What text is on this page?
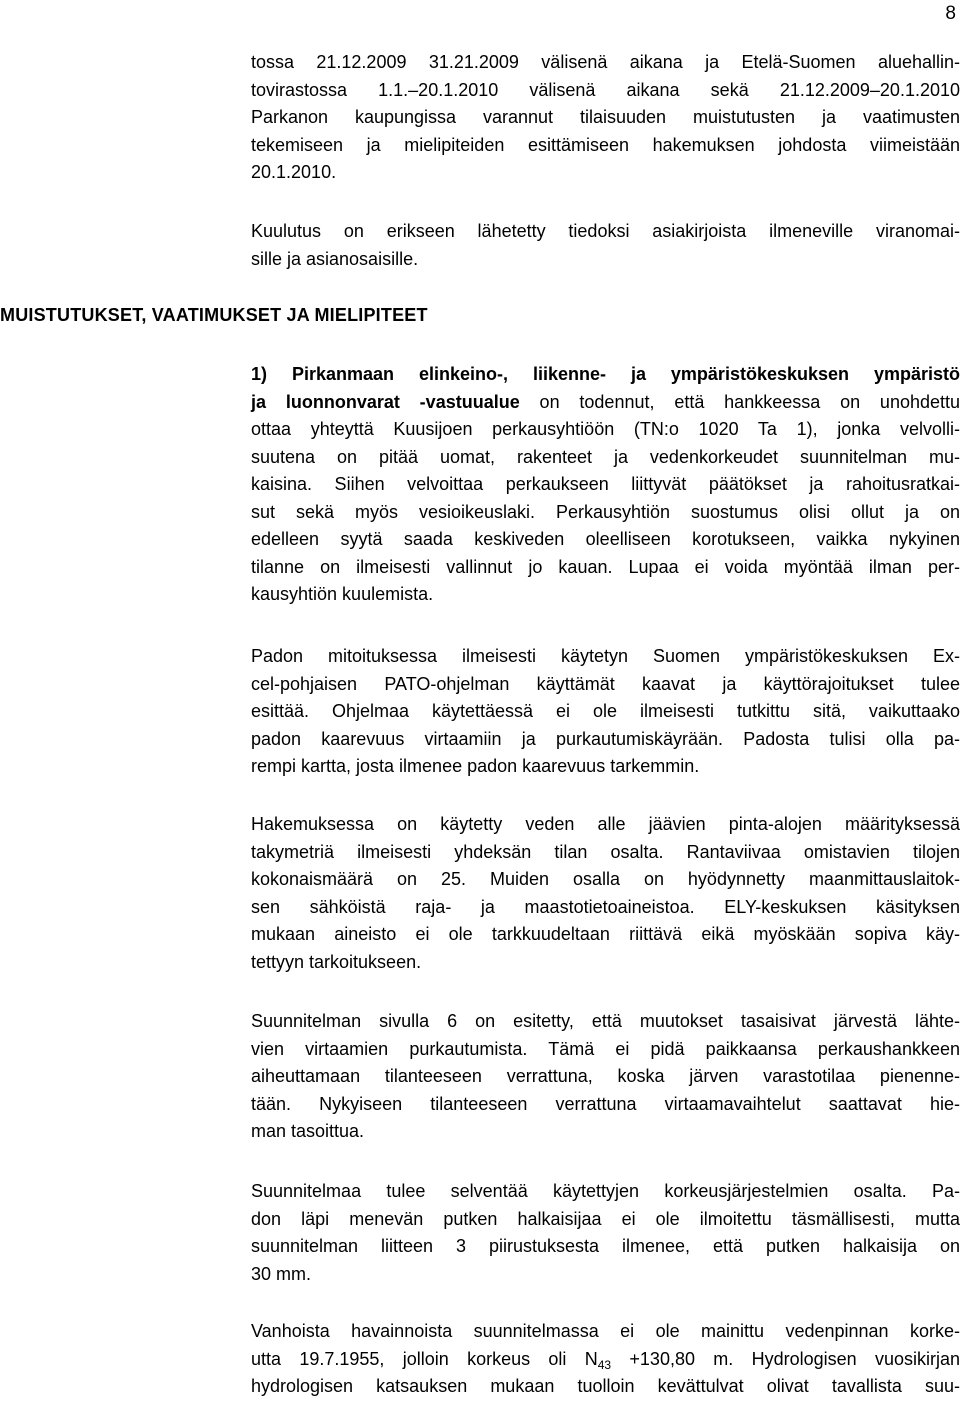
8
tossa 21.12.2009 31.21.2009 välisenä aikana ja Etelä-Suomen aluehallin-
tovirastossa 1.1.–20.1.2010 välisenä aikana sekä 21.12.2009–20.1.2010
Parkanon kaupungissa varannut tilaisuuden muistutusten ja vaatimusten
tekemiseen ja mielipiteiden esittämiseen hakemuksen johdosta viimeistään
20.1.2010.
Kuulutus on erikseen lähetetty tiedoksi asiakirjoista ilmeneville viranomai-
sille ja asianosaisille.
MUISTUTUKSET, VAATIMUKSET JA MIELIPITEET
1) Pirkanmaan elinkeino-, liikenne- ja ympäristökeskuksen ympäristö
ja luonnonvarat -vastuualue on todennut, että hankkeessa on unohdettu
ottaa yhteyttä Kuusijoen perkausyhtiöön (TN:o 1020 Ta 1), jonka velvolli-
suutena on pitää uomat, rakenteet ja vedenkorkeudet suunnitelman mu-
kaisina. Siihen velvoittaa perkaukseen liittyvät päätökset ja rahoitusratkai-
sut sekä myös vesioikeuslaki. Perkausyhtiön suostumus olisi ollut ja on
edelleen syytä saada keskiveden oleelliseen korotukseen, vaikka nykyinen
tilanne on ilmeisesti vallinnut jo kauan. Lupaa ei voida myöntää ilman per-
kausyhtiön kuulemista.
Padon mitoituksessa ilmeisesti käytetyn Suomen ympäristökeskuksen Ex-
cel-pohjaisen PATO-ohjelman käyttämät kaavat ja käyttörajoitukset tulee
esittää. Ohjelmaa käytettäessä ei ole ilmeisesti tutkittu sitä, vaikuttaako
padon kaarevuus virtaamiin ja purkautumiskäyrään. Padosta tulisi olla pa-
rempi kartta, josta ilmenee padon kaarevuus tarkemmin.
Hakemuksessa on käytetty veden alle jäävien pinta-alojen määrityksessä
takymetriä ilmeisesti yhdeksän tilan osalta. Rantaviivaa omistavien tilojen
kokonaismäärä on 25. Muiden osalla on hyödynnetty maanmittauslaitok-
sen sähköistä raja- ja maastotietoaineistoa. ELY-keskuksen käsityksen
mukaan aineisto ei ole tarkkuudeltaan riittävä eikä myöskään sopiva käy-
tettyyn tarkoitukseen.
Suunnitelman sivulla 6 on esitetty, että muutokset tasaisivat järvestä lähte-
vien virtaamien purkautumista. Tämä ei pidä paikkaansa perkaushankkeen
aiheuttamaan tilanteeseen verrattuna, koska järven varastotilaa pienenne-
tään. Nykyiseen tilanteeseen verrattuna virtaamavaihtelut saattavat hie-
man tasoittua.
Suunnitelmaa tulee selventää käytettyjen korkeusjärjestelmien osalta. Pa-
don läpi menevän putken halkaisijaa ei ole ilmoitettu täsmällisesti, mutta
suunnitelman liitteen 3 piirustuksesta ilmenee, että putken halkaisija on
30 mm.
Vanhoista havainnoista suunnitelmassa ei ole mainittu vedenpinnan korke-
utta 19.7.1955, jolloin korkeus oli $N_{43} +130,80$ m. Hydrologisen vuosikirjan
hydrologisen katsauksen mukaan tuolloin kevättulvat olivat tavallista suu-
